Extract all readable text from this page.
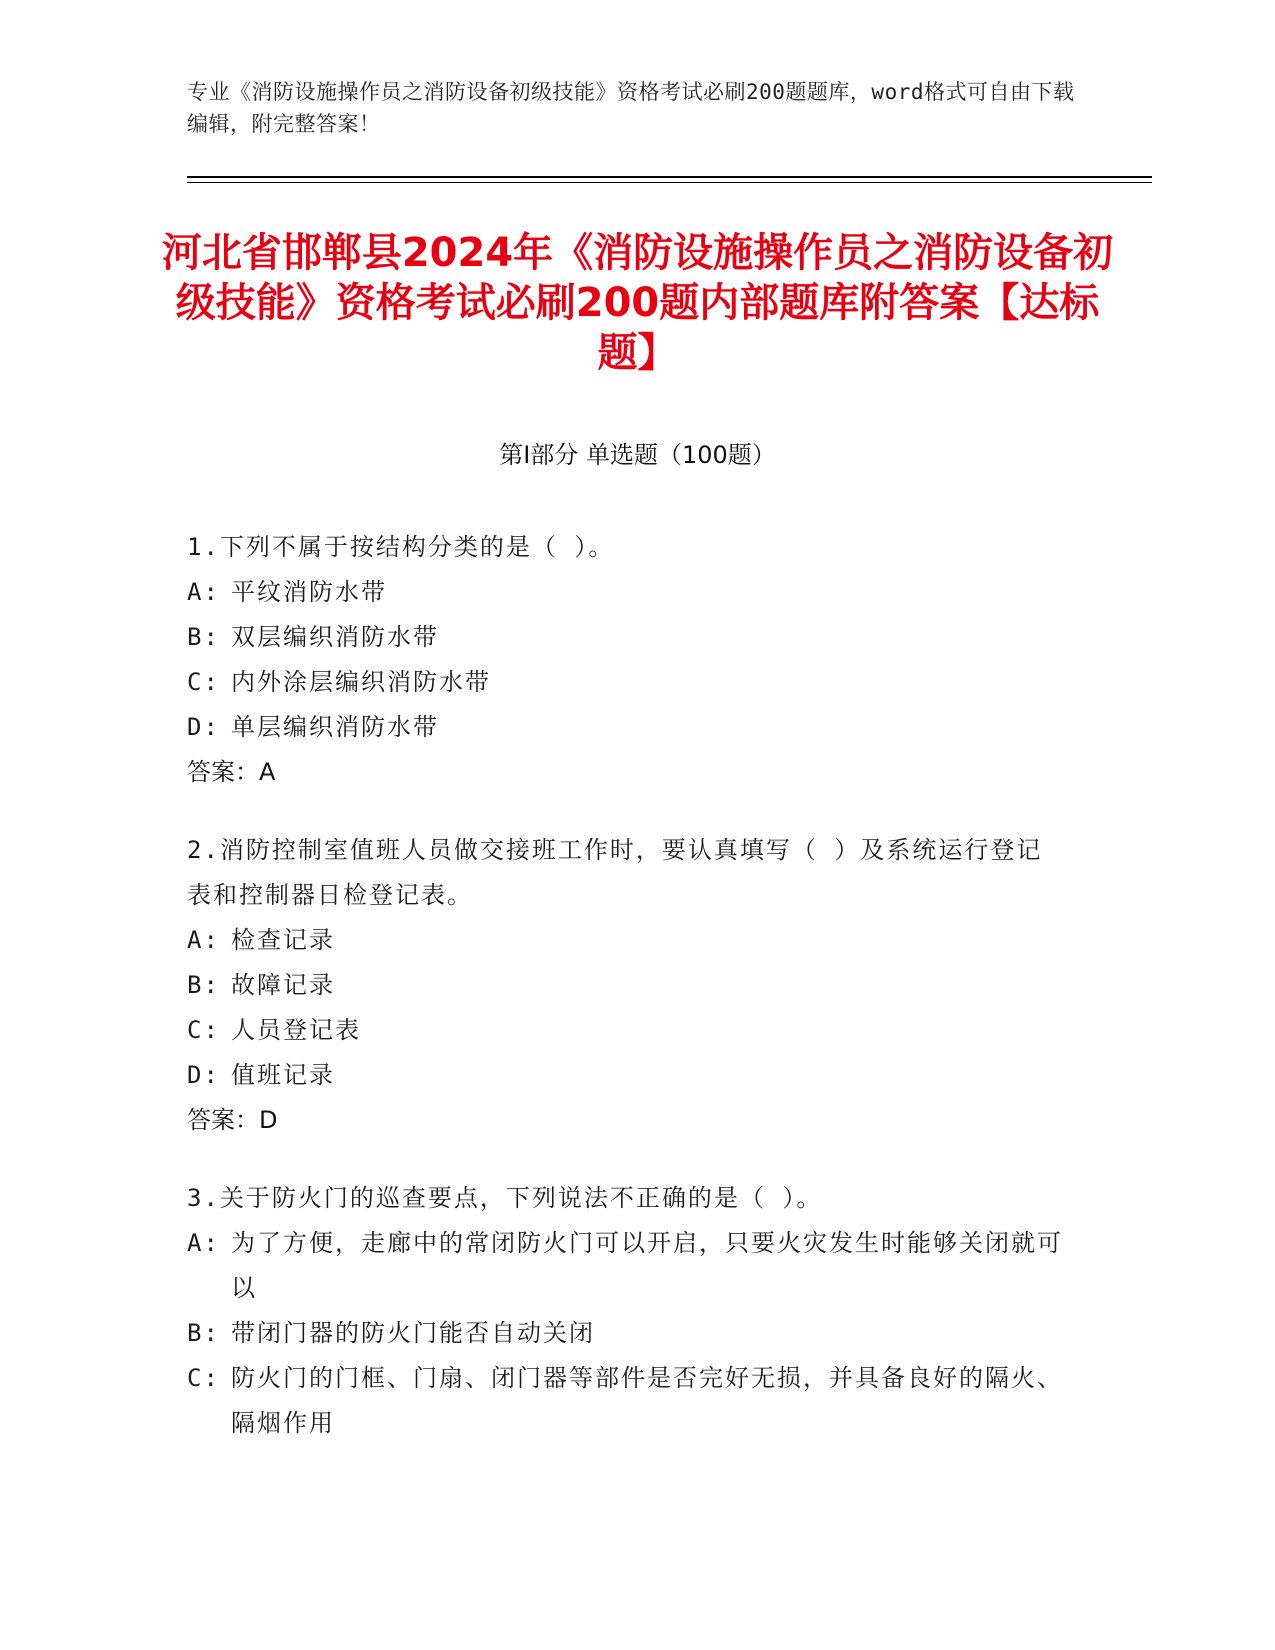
专业《消防设施操作员之消防设备初级技能》资格考试必刷200题题库，word格式可自由下载编辑，附完整答案！
河北省邯郸县2024年《消防设施操作员之消防设备初级技能》资格考试必刷200题内部题库附答案【达标题】
第Ⅰ部分 单选题（100题）
1.下列不属于按结构分类的是（ ）。
A: 平纹消防水带
B: 双层编织消防水带
C: 内外涂层编织消防水带
D: 单层编织消防水带
答案：A
2.消防控制室值班人员做交接班工作时，要认真填写（ ）及系统运行登记表和控制器日检登记表。
A: 检查记录
B: 故障记录
C: 人员登记表
D: 值班记录
答案：D
3.关于防火门的巡查要点，下列说法不正确的是（ ）。
A: 为了方便，走廊中的常闭防火门可以开启，只要火灾发生时能够关闭就可以
B: 带闭门器的防火门能否自动关闭
C: 防火门的门框、门扇、闭门器等部件是否完好无损，并具备良好的隔火、隔烟作用
